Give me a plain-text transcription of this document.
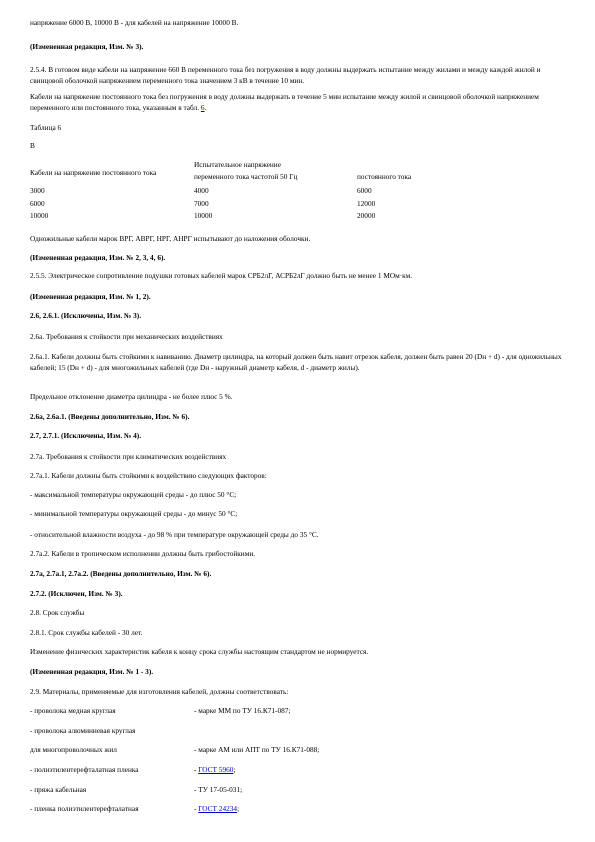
напряжение 6000 В, 10000 В - для кабелей на напряжение 10000 В.

(Измененная редакция, Изм. № 3).

2.5.4. В готовом виде кабели на напряжение 660 В переменного тока без погружения в воду должны выдержать испытание между жилами и между каждой жилой и свинцовой оболочкой напряжением переменного тока значением 3 кВ в течение 10 мин.

Кабели на напряжение постоянного тока без погружения в воду должны выдержать в течение 5 мин испытание между жилой и свинцовой оболочкой напряжением переменного или постоянного тока, указанным в табл. 6.

Таблица 6

В

Кабели на напряжение постоянного тока

Испытательное напряжение

переменного тока частотой 50 Гц	постоянного тока

3000	4000	6000

6000	7000	12000

10000	10000	20000

Одножильные кабели марок ВРГ, АВРГ, НРГ, АНРГ испытывают до наложения оболочки.

(Измененная редакция, Изм. № 2, 3, 4, 6).

2.5.5. Электрическое сопротивление подушки готовых кабелей марок СРБ2лГ, АСРБ2лГ должно быть не менее 1 МОм·км.

(Измененная редакция, Изм. № 1, 2).

2.6, 2.6.1. (Исключены, Изм. № 3).

2.6а. Требования к стойкости при механических воздействиях

2.6а.1. Кабели должны быть стойкими к навиванию. Диаметр цилиндра, на который должен быть навит отрезок кабеля, должен быть равен 20 (Dн + d) - для одножильных кабелей; 15 (Dн + d) - для многожильных кабелей (где Dн - наружный диаметр кабеля, d - диаметр жилы).

Предельное отклонение диаметра цилиндра - не более плюс 5 %.

2.6а, 2.6а.1. (Введены дополнительно, Изм. № 6).

2.7, 2.7.1. (Исключены, Изм. № 4).

2.7а. Требования к стойкости при климатических воздействиях

2.7а.1. Кабели должны быть стойкими к воздействию следующих факторов:

- максимальной температуры окружающей среды - до плюс 50 °С;

- минимальной температуры окружающей среды - до минус 50 °С;

- относительной влажности воздуха - до 98 % при температуре окружающей среды до 35 °С.

2.7а.2. Кабели в тропическом исполнении должны быть грибостойкими.

2.7а, 2.7а.1, 2.7а.2. (Введены дополнительно, Изм. № 6).

2.7.2. (Исключен, Изм. № 3).

2.8. Срок службы

2.8.1. Срок службы кабелей - 30 лет.

Изменение физических характеристик кабеля к концу срока службы настоящим стандартом не нормируется.

(Измененная редакция, Изм. № 1 - 3).

2.9. Материалы, применяемые для изготовления кабелей, должны соответствовать:

- проволока медная круглая	- марке ММ по ТУ 16.К71-087;

- проволока алюминиевая круглая

для многопроволочных жил	- марке АМ или АПТ по ТУ 16.К71-088;

- полиэтилентерефталатная пленка	- ГОСТ 5960;

- пряжа кабельная	- ТУ 17-05-031;

- пленка полиэтилентерефталатная	- ГОСТ 24234;
